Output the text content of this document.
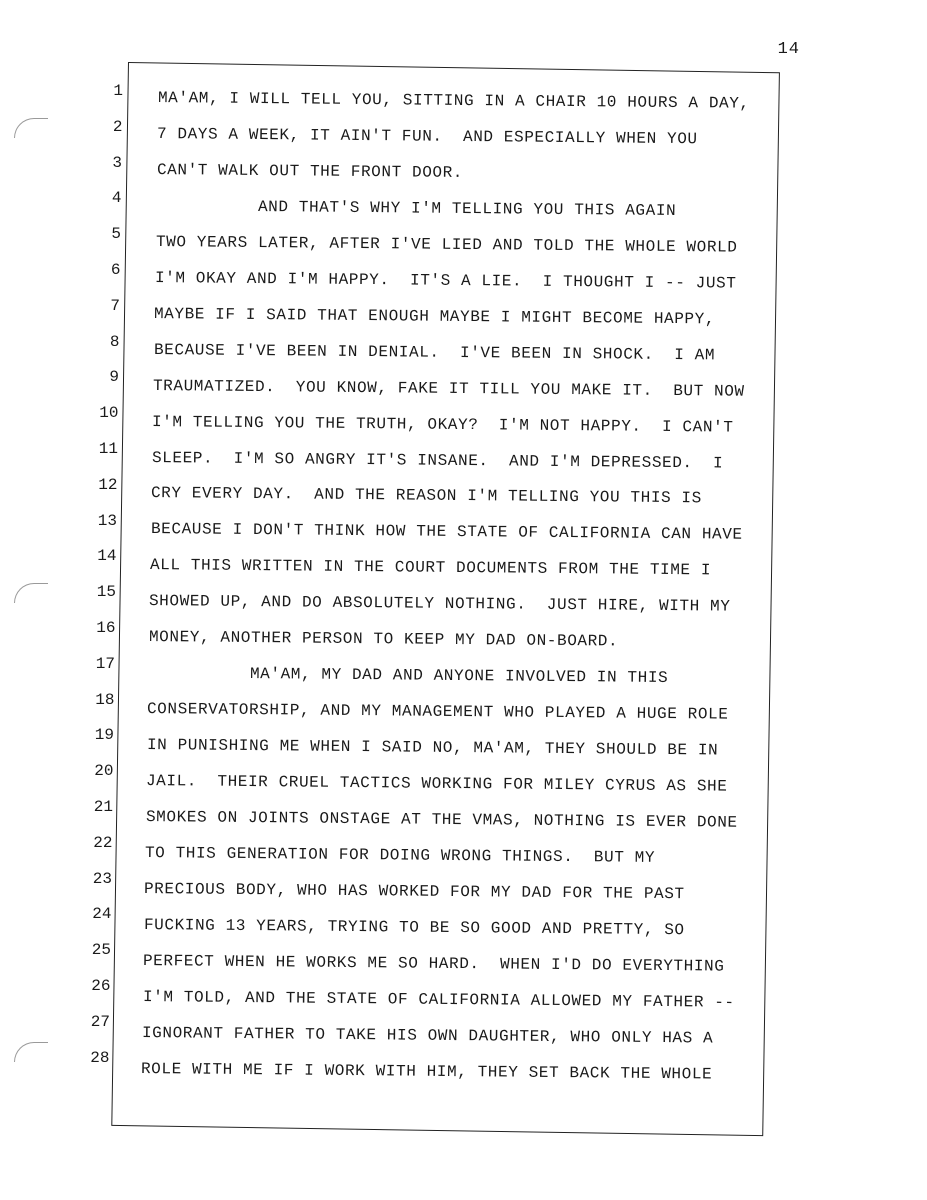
14
1 MA'AM, I WILL TELL YOU, SITTING IN A CHAIR 10 HOURS A DAY,
2 7 DAYS A WEEK, IT AIN'T FUN.  AND ESPECIALLY WHEN YOU
3 CAN'T WALK OUT THE FRONT DOOR.
4 AND THAT'S WHY I'M TELLING YOU THIS AGAIN
5 TWO YEARS LATER, AFTER I'VE LIED AND TOLD THE WHOLE WORLD
6 I'M OKAY AND I'M HAPPY.  IT'S A LIE.  I THOUGHT I -- JUST
7 MAYBE IF I SAID THAT ENOUGH MAYBE I MIGHT BECOME HAPPY,
8 BECAUSE I'VE BEEN IN DENIAL.  I'VE BEEN IN SHOCK.  I AM
9 TRAUMATIZED.  YOU KNOW, FAKE IT TILL YOU MAKE IT.  BUT NOW
10 I'M TELLING YOU THE TRUTH, OKAY?  I'M NOT HAPPY.  I CAN'T
11 SLEEP.  I'M SO ANGRY IT'S INSANE.  AND I'M DEPRESSED.  I
12 CRY EVERY DAY.  AND THE REASON I'M TELLING YOU THIS IS
13 BECAUSE I DON'T THINK HOW THE STATE OF CALIFORNIA CAN HAVE
14 ALL THIS WRITTEN IN THE COURT DOCUMENTS FROM THE TIME I
15
SHOWED UP, AND DO ABSOLUTELY NOTHING.  JUST HIRE, WITH MY
16
MONEY, ANOTHER PERSON TO KEEP MY DAD ON-BOARD.
17
MA'AM, MY DAD AND ANYONE INVOLVED IN THIS
18
CONSERVATORSHIP, AND MY MANAGEMENT WHO PLAYED A HUGE ROLE
19
IN PUNISHING ME WHEN I SAID NO, MA'AM, THEY SHOULD BE IN
20
JAIL.  THEIR CRUEL TACTICS WORKING FOR MILEY CYRUS AS SHE
21
SMOKES ON JOINTS ONSTAGE AT THE VMAS, NOTHING IS EVER DONE
22
TO THIS GENERATION FOR DOING WRONG THINGS.  BUT MY
23
PRECIOUS BODY, WHO HAS WORKED FOR MY DAD FOR THE PAST
24
FUCKING 13 YEARS, TRYING TO BE SO GOOD AND PRETTY, SO
25
PERFECT WHEN HE WORKS ME SO HARD.  WHEN I'D DO EVERYTHING
26
I'M TOLD, AND THE STATE OF CALIFORNIA ALLOWED MY FATHER --
27
IGNORANT FATHER TO TAKE HIS OWN DAUGHTER, WHO ONLY HAS A
28
ROLE WITH ME IF I WORK WITH HIM, THEY SET BACK THE WHOLE
